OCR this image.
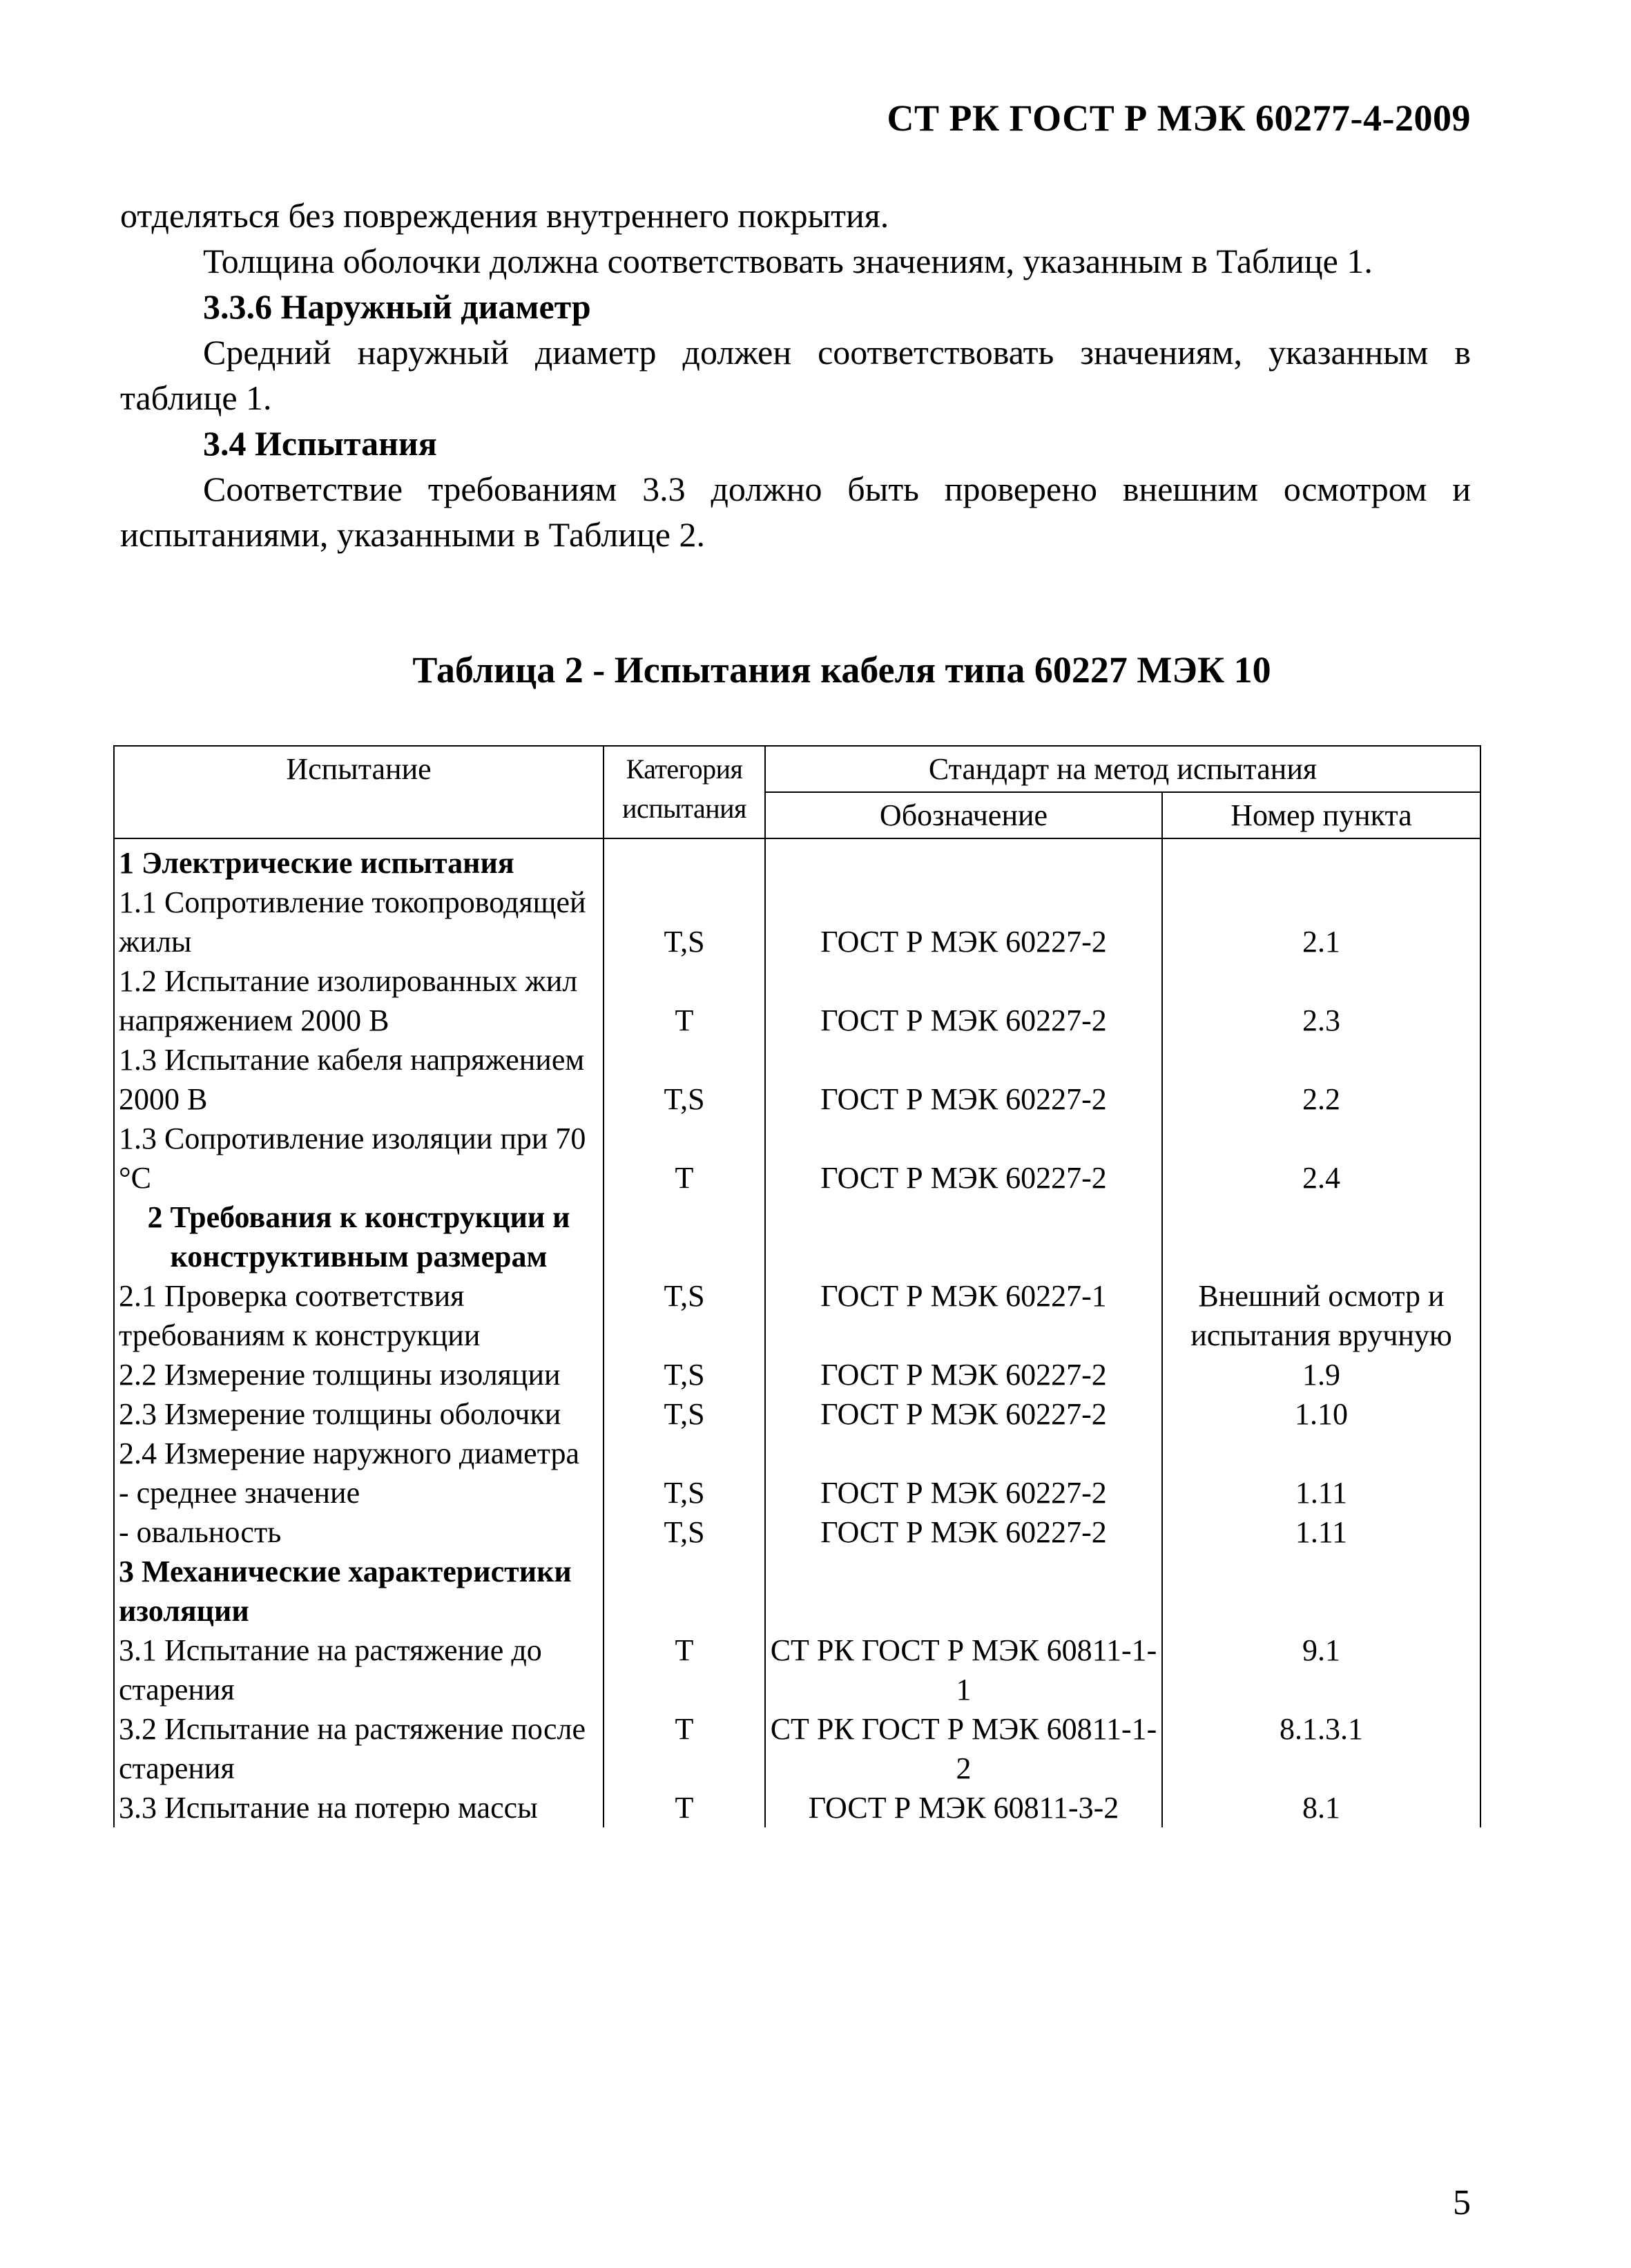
СТ РК ГОСТ Р МЭК 60277-4-2009

отделяться без повреждения внутреннего покрытия.

Толщина оболочки должна соответствовать значениям, указанным в Таблице 1.

3.3.6 Наружный диаметр

Средний наружный диаметр должен соответствовать значениям, указанным в таблице 1.

3.4 Испытания

Соответствие требованиям 3.3 должно быть проверено внешним осмотром и испытаниями, указанными в Таблице 2.

Таблица 2 - Испытания кабеля типа 60227 МЭК 10
Испытание	Категория испытания	Стандарт на метод испытания	
		Обозначение	Номер пункта
1 Электрические испытания			
1.1 Сопротивление токопроводящей жилы	T,S	ГОСТ Р МЭК 60227-2	2.1
1.2 Испытание изолированных жил напряжением 2000 В	T	ГОСТ Р МЭК 60227-2	2.3
1.3 Испытание кабеля напряжением 2000 В	T,S	ГОСТ Р МЭК 60227-2	2.2
1.3 Сопротивление изоляции при 70 °С	T	ГОСТ Р МЭК 60227-2	2.4

2 Требования к конструкции и конструктивным размерам			

2.1 Проверка соответствия требованиям к конструкции	T,S	ГОСТ Р МЭК 60227-1	Внешний осмотр и испытания вручную
2.2 Измерение толщины изоляции	T,S	ГОСТ Р МЭК 60227-2	1.9
2.3 Измерение толщины оболочки	T,S	ГОСТ Р МЭК 60227-2	1.10
2.4 Измерение наружного диаметра			
- среднее значение	T,S	ГОСТ Р МЭК 60227-2	1.11
- овальность	T,S	ГОСТ Р МЭК 60227-2	1.11
3 Механические характеристики изоляции			
3.1 Испытание на растяжение до старения	T	СТ РК ГОСТ Р МЭК 60811-1-1	9.1
3.2 Испытание на растяжение после старения	T	СТ РК ГОСТ Р МЭК 60811-1-2	8.1.3.1
3.3 Испытание на потерю массы	T	ГОСТ Р МЭК 60811-3-2	8.1
5
